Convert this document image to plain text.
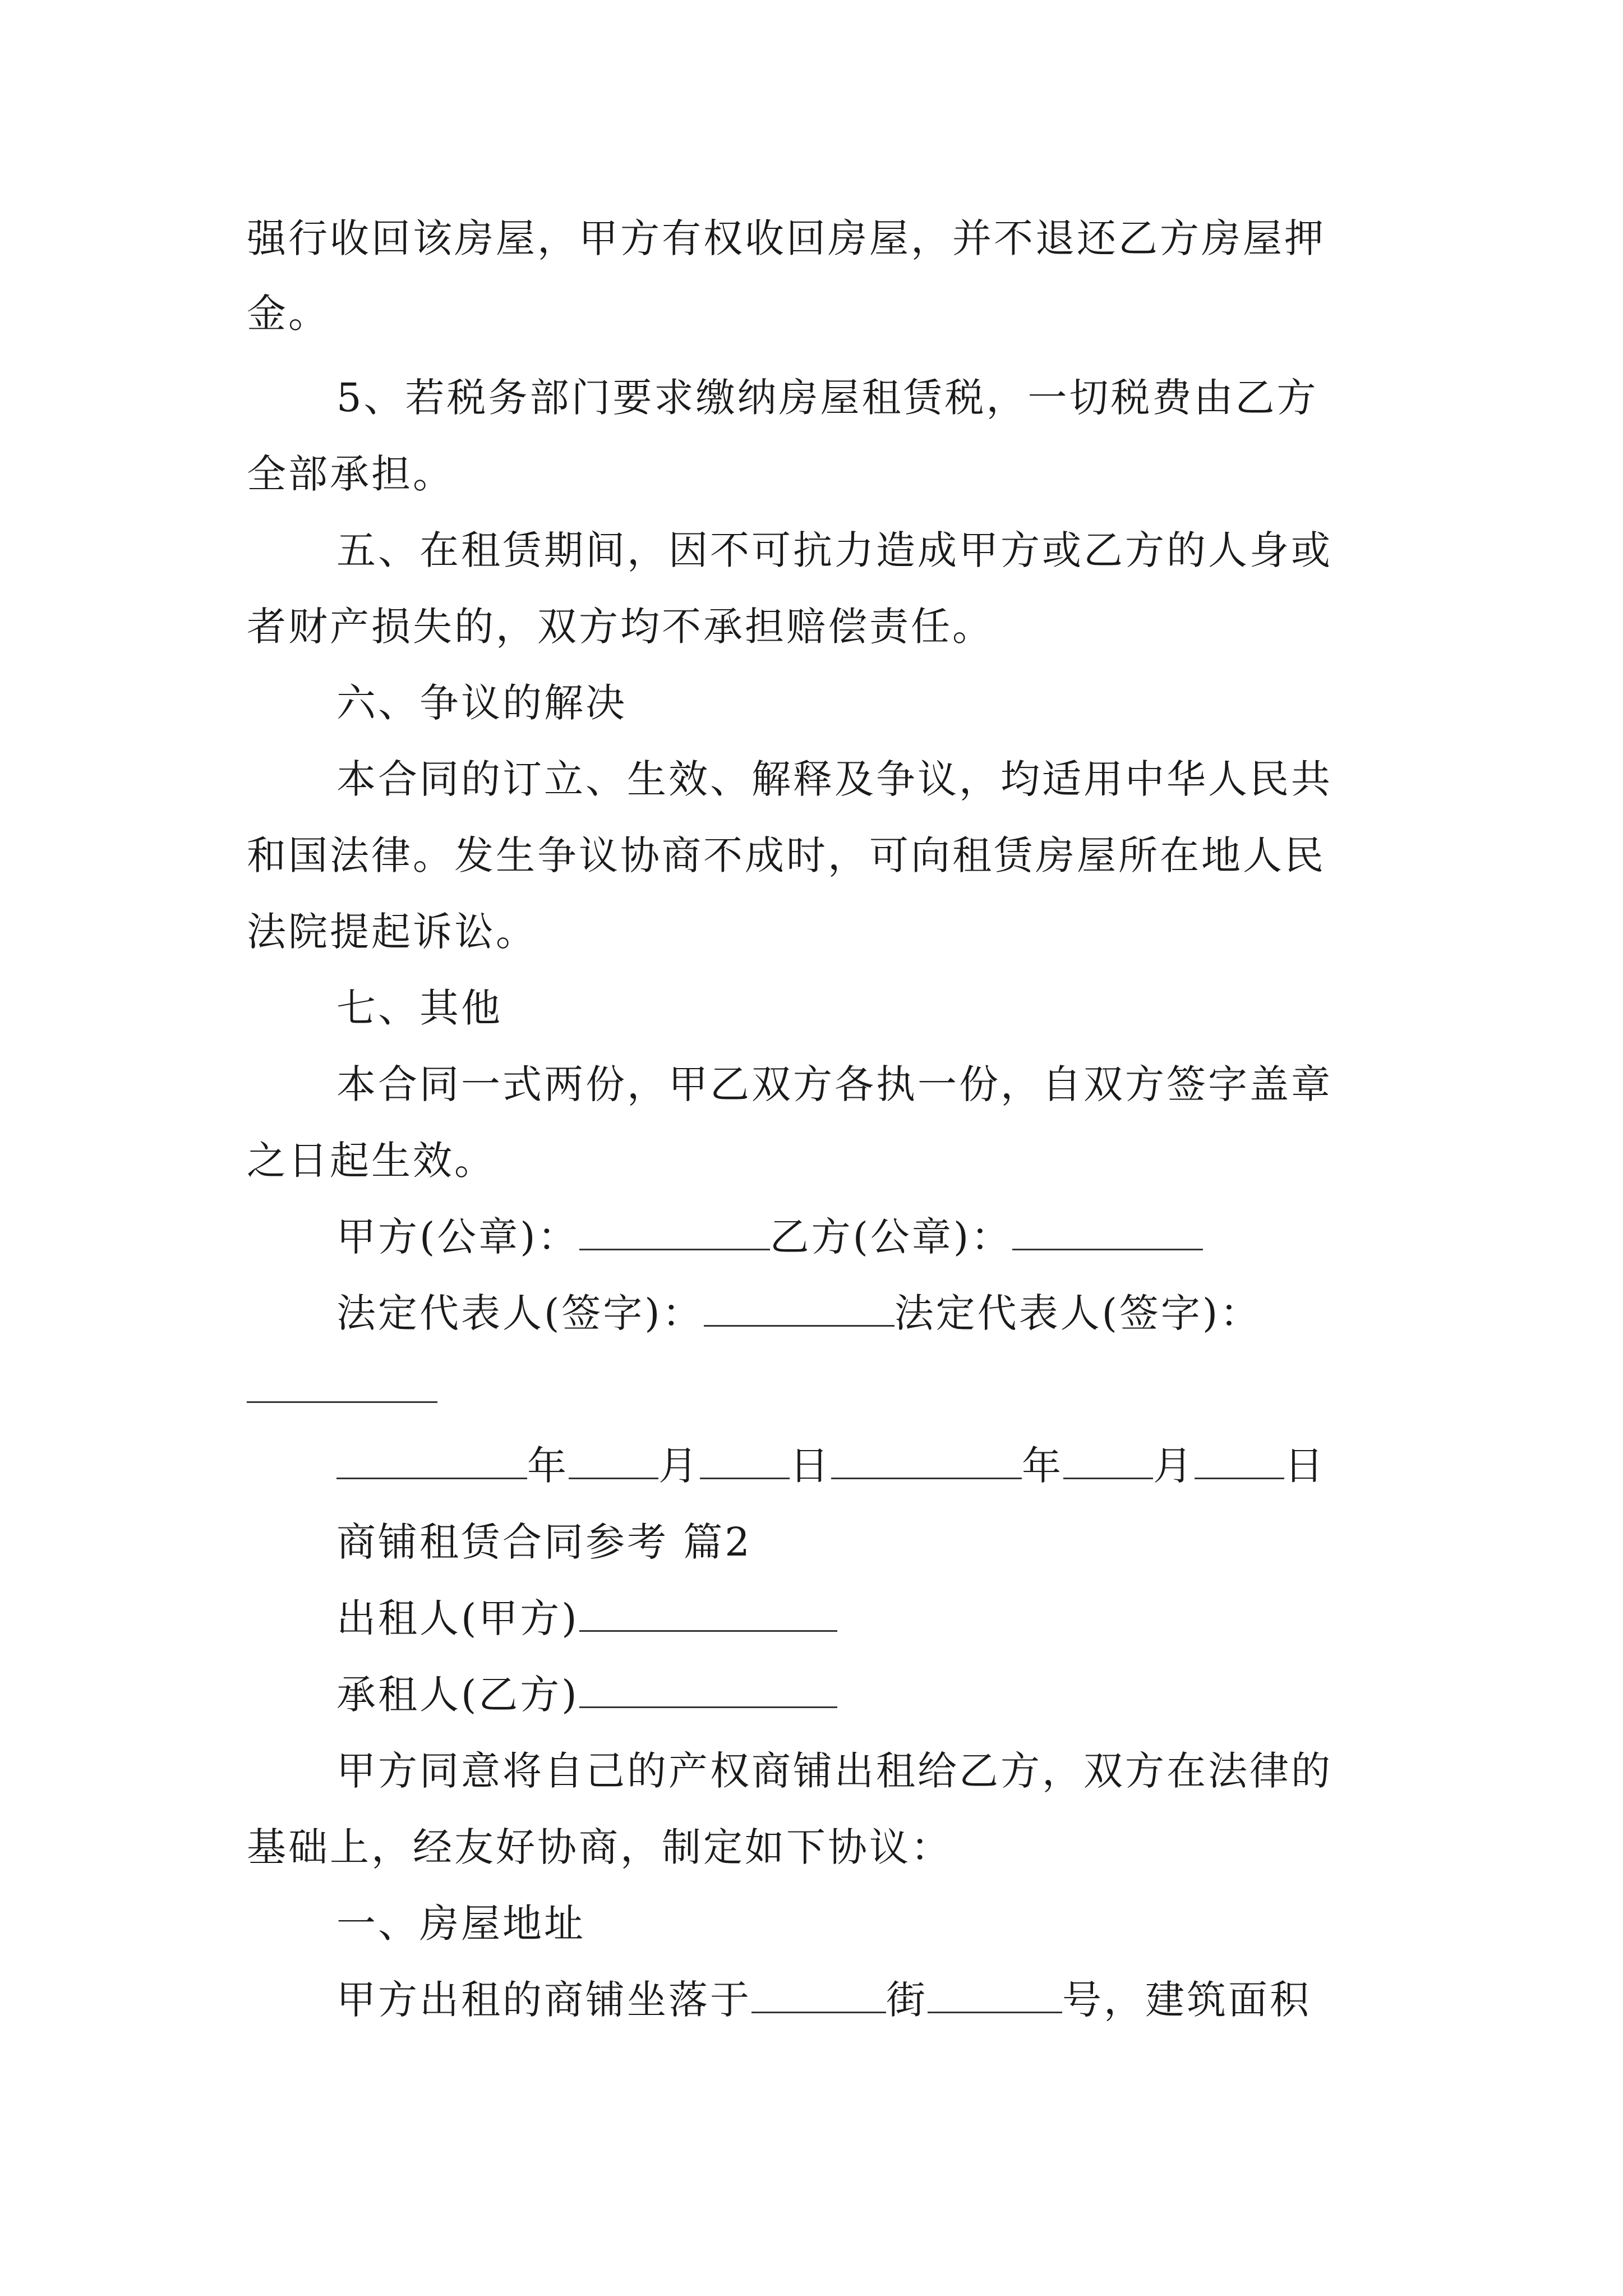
强行收回该房屋，甲方有权收回房屋，并不退还乙方房屋押
金。
5、若税务部门要求缴纳房屋租赁税，一切税费由乙方
全部承担。
五、在租赁期间，因不可抗力造成甲方或乙方的人身或
者财产损失的，双方均不承担赔偿责任。
六、争议的解决
本合同的订立、生效、解释及争议，均适用中华人民共
和国法律。发生争议协商不成时，可向租赁房屋所在地人民
法院提起诉讼。
七、其他
本合同一式两份，甲乙双方各执一份，自双方签字盖章
之日起生效。
甲方(公章)：	乙方(公章)：
法定代表人(签字)：	法定代表人(签字)：
年 月 日	年 月 日
商铺租赁合同参考 篇2
出租人(甲方)
承租人(乙方)
甲方同意将自己的产权商铺出租给乙方，双方在法律的
基础上，经友好协商，制定如下协议：
一、房屋地址
甲方出租的商铺坐落于	街	号，建筑面积
